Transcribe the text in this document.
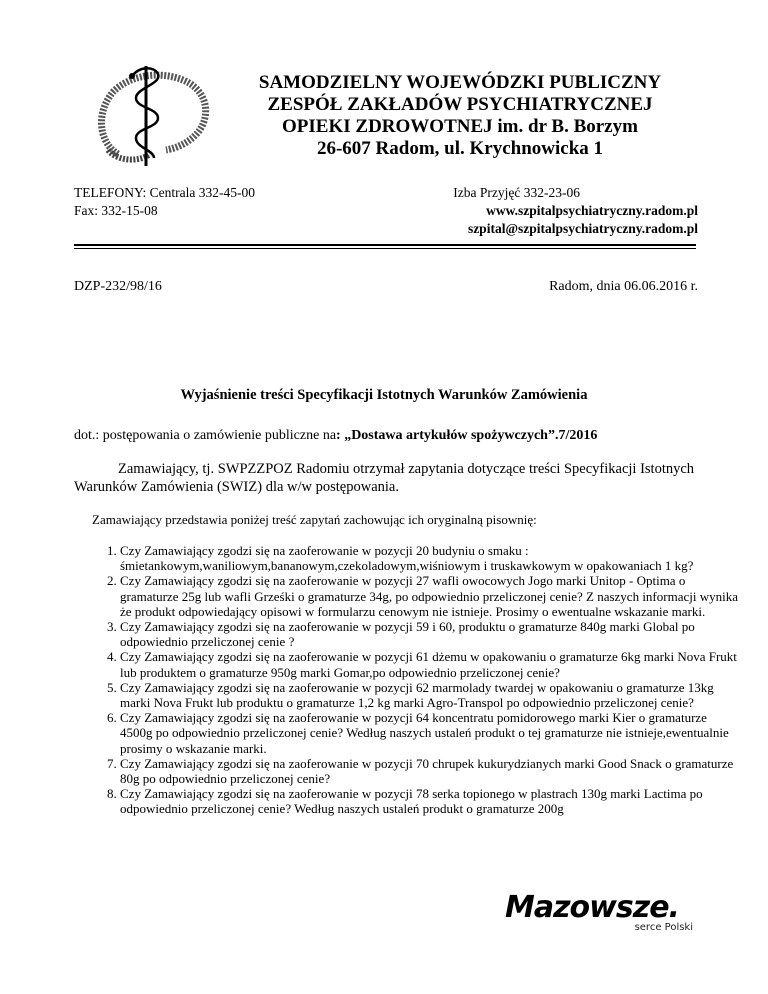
SAMODZIELNY WOJEWÓDZKI PUBLICZNY
ZESPÓŁ ZAKŁADÓW PSYCHIATRYCZNEJ
OPIEKI ZDROWOTNEJ im. dr B. Borzym
26-607 Radom, ul. Krychnowicka 1
TELEFONY: Centrala 332-45-00
Fax: 332-15-08
Izba Przyjęć 332-23-06
www.szpitalpsychiatryczny.radom.pl
szpital@szpitalpsychiatryczny.radom.pl
DZP-232/98/16	Radom, dnia 06.06.2016 r.
Wyjaśnienie treści Specyfikacji Istotnych Warunków Zamówienia
dot.: postępowania o zamówienie publiczne na: „Dostawa artykułów spożywczych”.7/2016
Zamawiający, tj. SWPZZPOZ Radomiu otrzymał zapytania dotyczące treści Specyfikacji Istotnych Warunków Zamówienia (SWIZ) dla w/w postępowania.
Zamawiający przedstawia poniżej treść zapytań zachowując ich oryginalną pisownię:
1. Czy Zamawiający zgodzi się na zaoferowanie w pozycji 20 budyniu o smaku : śmietankowym,waniliowym,bananowym,czekoladowym,wiśniowym i truskawkowym w opakowaniach 1 kg?
2. Czy Zamawiający zgodzi się na zaoferowanie w pozycji 27 wafli owocowych Jogo marki Unitop - Optima o gramaturze 25g lub wafli Grześki o gramaturze 34g, po odpowiednio przeliczonej cenie? Z naszych informacji wynika że produkt odpowiedający opisowi w formularzu cenowym nie istnieje. Prosimy o ewentualne wskazanie marki.
3. Czy Zamawiający zgodzi się na zaoferowanie w pozycji 59 i 60, produktu o gramaturze 840g marki Global po odpowiednio przeliczonej cenie ?
4. Czy Zamawiający zgodzi się na zaoferowanie w pozycji 61 dżemu w opakowaniu o gramaturze 6kg marki Nova Frukt lub produktem o gramaturze 950g marki Gomar,po odpowiednio przeliczonej cenie?
5. Czy Zamawiający zgodzi się na zaoferowanie w pozycji 62 marmolady twardej w opakowaniu o gramaturze 13kg marki Nova Frukt lub produktu o gramaturze 1,2 kg marki Agro-Transpol po odpowiednio przeliczonej cenie?
6. Czy Zamawiający zgodzi się na zaoferowanie w pozycji 64 koncentratu pomidorowego marki Kier o gramaturze 4500g po odpowiednio przeliczonej cenie? Według naszych ustaleń produkt o tej gramaturze nie istnieje,ewentualnie prosimy o wskazanie marki.
7. Czy Zamawiający zgodzi się na zaoferowanie w pozycji 70 chrupek kukurydzianych marki Good Snack o gramaturze 80g po odpowiednio przeliczonej cenie?
8. Czy Zamawiający zgodzi się na zaoferowanie w pozycji 78 serka topionego w plastrach 130g marki Lactima po odpowiednio przeliczonej cenie? Według naszych ustaleń produkt o gramaturze 200g
Mazowsze.
serce Polski
